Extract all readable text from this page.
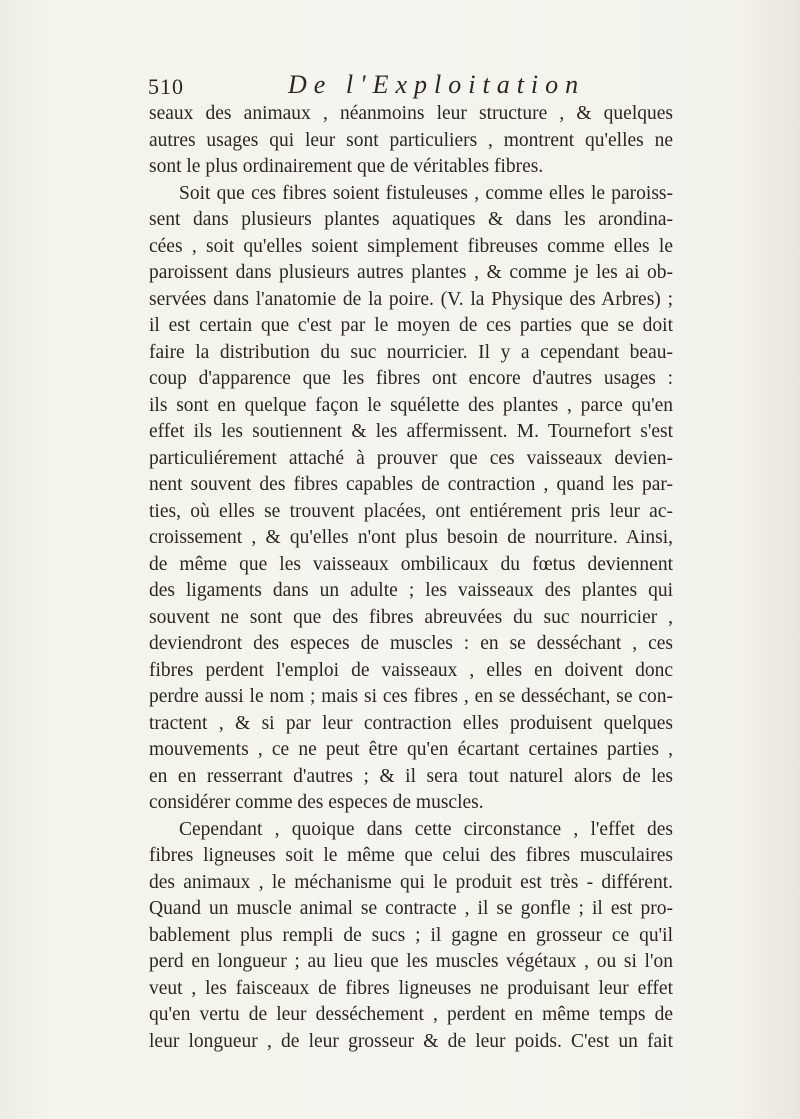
510	De l'Exploitation
seaux des animaux , néanmoins leur structure , & quelques
autres usages qui leur sont particuliers , montrent qu'elles ne
sont le plus ordinairement que de véritables fibres.
Soit que ces fibres soient fistuleuses , comme elles le paroiss-
sent dans plusieurs plantes aquatiques & dans les arondina-
cées , soit qu'elles soient simplement fibreuses comme elles le
paroissent dans plusieurs autres plantes , & comme je les ai ob-
servées dans l'anatomie de la poire. (V. la Physique des Arbres) ;
il est certain que c'est par le moyen de ces parties que se doit
faire la distribution du suc nourricier. Il y a cependant beau-
coup d'apparence que les fibres ont encore d'autres usages :
ils sont en quelque façon le squélette des plantes , parce qu'en
effet ils les soutiennent & les affermissent. M. Tournefort s'est
particuliérement attaché à prouver que ces vaisseaux devien-
nent souvent des fibres capables de contraction , quand les par-
ties, où elles se trouvent placées, ont entiérement pris leur ac-
croissement , & qu'elles n'ont plus besoin de nourriture. Ainsi,
de même que les vaisseaux ombilicaux du fœtus deviennent
des ligaments dans un adulte ; les vaisseaux des plantes qui
souvent ne sont que des fibres abreuvées du suc nourricier ,
deviendront des especes de muscles : en se desséchant , ces
fibres perdent l'emploi de vaisseaux , elles en doivent donc
perdre aussi le nom ; mais si ces fibres , en se desséchant, se con-
tractent , & si par leur contraction elles produisent quelques
mouvements , ce ne peut être qu'en écartant certaines parties ,
en en resserrant d'autres ; & il sera tout naturel alors de les
considérer comme des especes de muscles.
Cependant , quoique dans cette circonstance , l'effet des
fibres ligneuses soit le même que celui des fibres musculaires
des animaux , le méchanisme qui le produit est très - différent.
Quand un muscle animal se contracte , il se gonfle ; il est pro-
bablement plus rempli de sucs ; il gagne en grosseur ce qu'il
perd en longueur ; au lieu que les muscles végétaux , ou si l'on
veut , les faisceaux de fibres ligneuses ne produisant leur effet
qu'en vertu de leur desséchement , perdent en même temps de
leur longueur , de leur grosseur & de leur poids. C'est un fait
